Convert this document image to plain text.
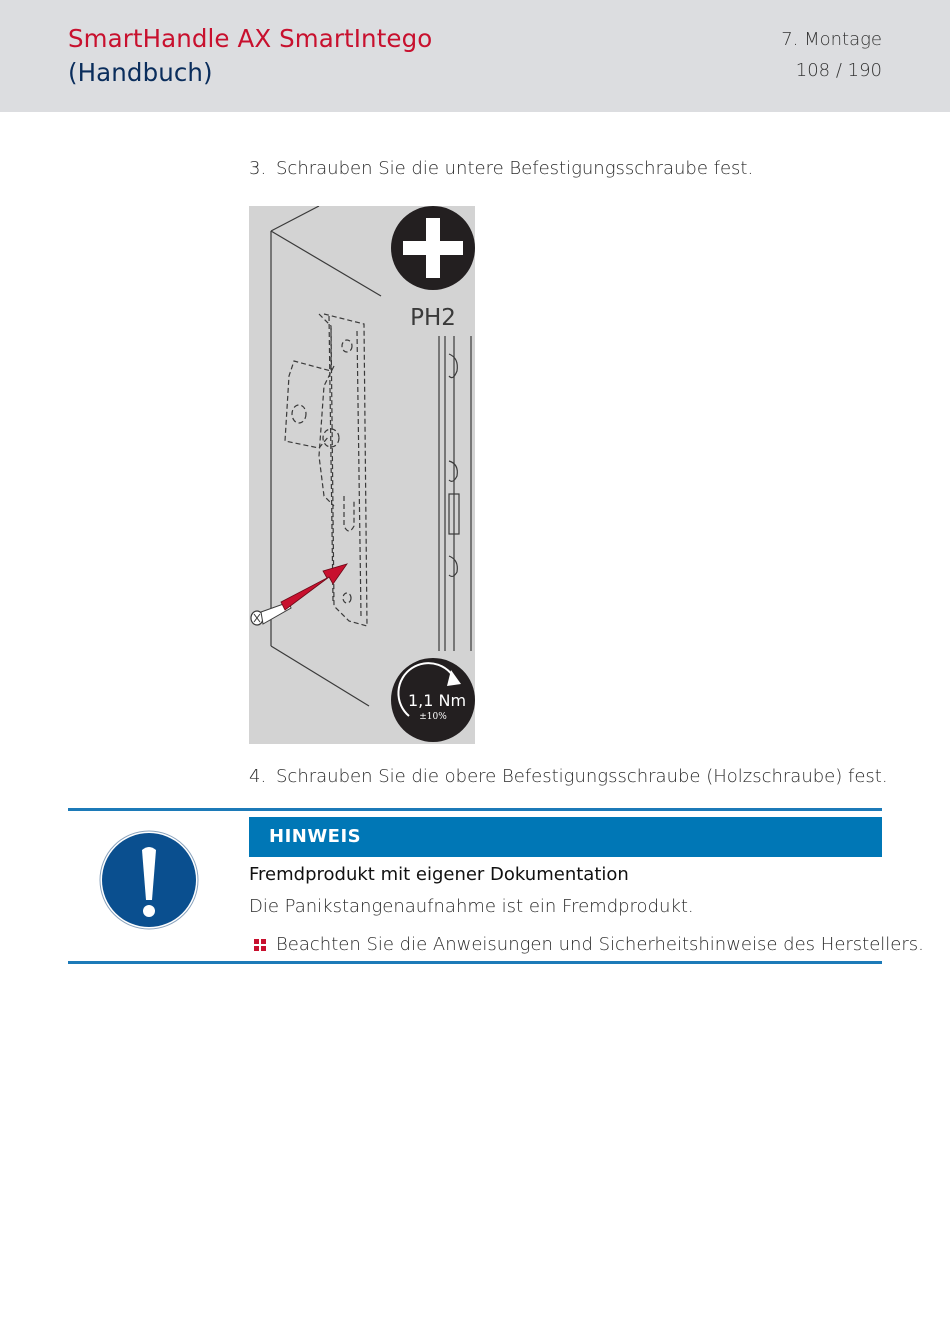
SmartHandle AX SmartIntego
(Handbuch)
7. Montage
108 / 190
3. Schrauben Sie die untere Befestigungsschraube fest.
PH2
1,1 Nm
±10%
4. Schrauben Sie die obere Befestigungsschraube (Holzschraube) fest.
HINWEIS
Fremdprodukt mit eigener Dokumentation
Die Panikstangenaufnahme ist ein Fremdprodukt.
Beachten Sie die Anweisungen und Sicherheitshinweise des Herstellers.
